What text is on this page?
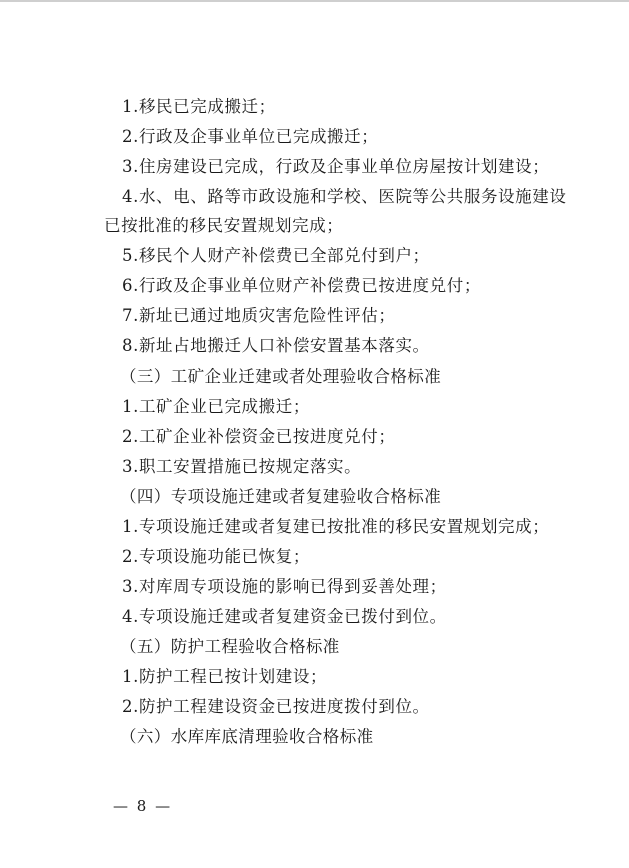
1.移民已完成搬迁；
2.行政及企事业单位已完成搬迁；
3.住房建设已完成，行政及企事业单位房屋按计划建设；
4.水、电、路等市政设施和学校、医院等公共服务设施建设
已按批准的移民安置规划完成；
5.移民个人财产补偿费已全部兑付到户；
6.行政及企事业单位财产补偿费已按进度兑付；
7.新址已通过地质灾害危险性评估；
8.新址占地搬迁人口补偿安置基本落实。
（三）工矿企业迁建或者处理验收合格标准
1.工矿企业已完成搬迁；
2.工矿企业补偿资金已按进度兑付；
3.职工安置措施已按规定落实。
（四）专项设施迁建或者复建验收合格标准
1.专项设施迁建或者复建已按批准的移民安置规划完成；
2.专项设施功能已恢复；
3.对库周专项设施的影响已得到妥善处理；
4.专项设施迁建或者复建资金已拨付到位。
（五）防护工程验收合格标准
1.防护工程已按计划建设；
2.防护工程建设资金已按进度拨付到位。
（六）水库库底清理验收合格标准
— 8 —
